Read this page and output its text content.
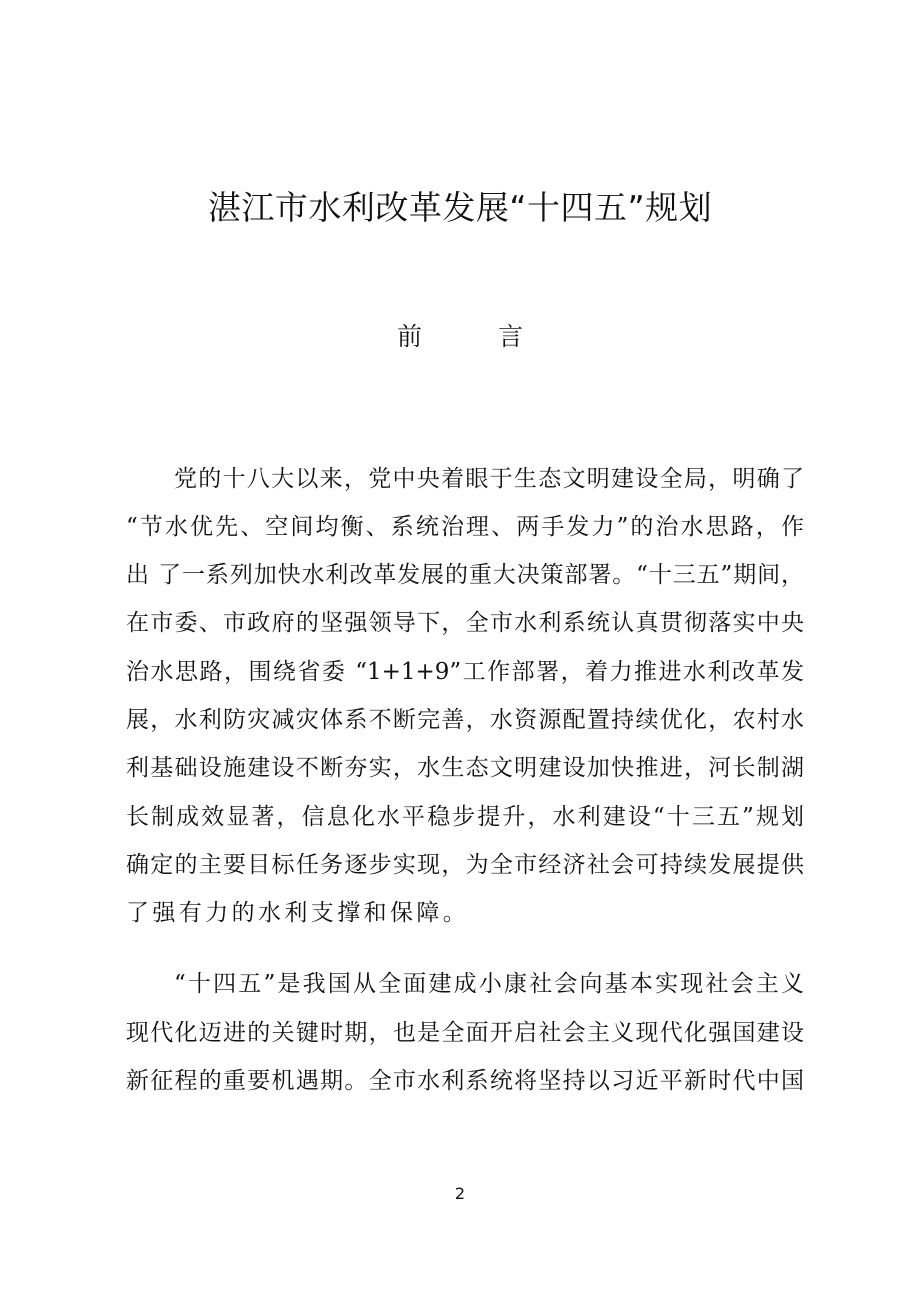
湛江市水利改革发展“十四五”规划
前 言
党的十八大以来，党中央着眼于生态文明建设全局，明确了
“节水优先、空间均衡、系统治理、两手发力”的治水思路，作
出 了一系列加快水利改革发展的重大决策部署。“十三五”期间，
在市委、市政府的坚强领导下，全市水利系统认真贯彻落实中央
治水思路，围绕省委 “1+1+9”工作部署，着力推进水利改革发
展，水利防灾减灾体系不断完善，水资源配置持续优化，农村水
利基础设施建设不断夯实，水生态文明建设加快推进，河长制湖
长制成效显著，信息化水平稳步提升，水利建设“十三五”规划
确定的主要目标任务逐步实现，为全市经济社会可持续发展提供
了强有力的水利支撑和保障。
“十四五”是我国从全面建成小康社会向基本实现社会主义
现代化迈进的关键时期，也是全面开启社会主义现代化强国建设
新征程的重要机遇期。全市水利系统将坚持以习近平新时代中国
2
